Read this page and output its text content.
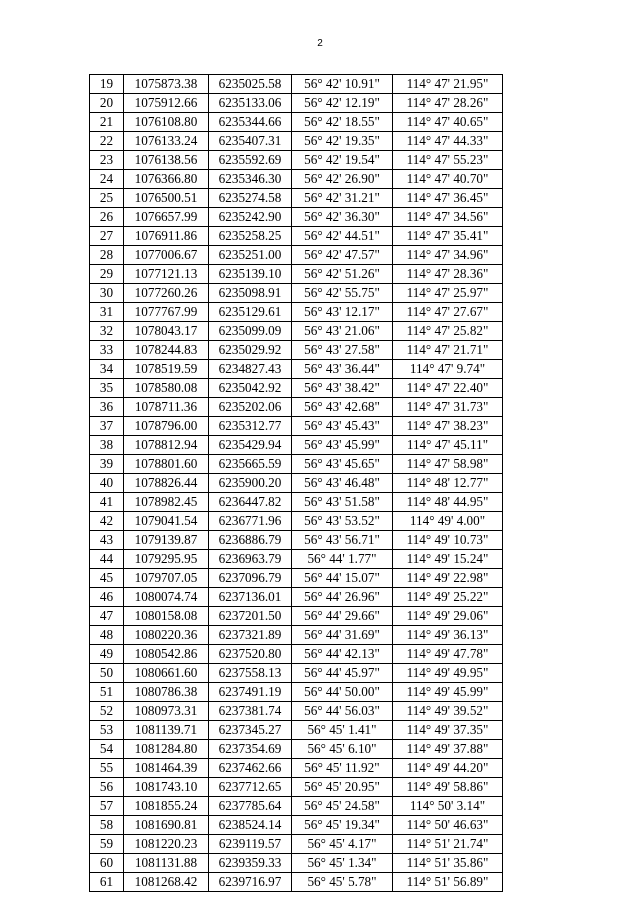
2
19	1075873.38	6235025.58	56° 42' 10.91"	114° 47' 21.95"
20	1075912.66	6235133.06	56° 42' 12.19"	114° 47' 28.26"
21	1076108.80	6235344.66	56° 42' 18.55"	114° 47' 40.65"
22	1076133.24	6235407.31	56° 42' 19.35"	114° 47' 44.33"
23	1076138.56	6235592.69	56° 42' 19.54"	114° 47' 55.23"
24	1076366.80	6235346.30	56° 42' 26.90"	114° 47' 40.70"
25	1076500.51	6235274.58	56° 42' 31.21"	114° 47' 36.45"
26	1076657.99	6235242.90	56° 42' 36.30"	114° 47' 34.56"
27	1076911.86	6235258.25	56° 42' 44.51"	114° 47' 35.41"
28	1077006.67	6235251.00	56° 42' 47.57"	114° 47' 34.96"
29	1077121.13	6235139.10	56° 42' 51.26"	114° 47' 28.36"
30	1077260.26	6235098.91	56° 42' 55.75"	114° 47' 25.97"
31	1077767.99	6235129.61	56° 43' 12.17"	114° 47' 27.67"
32	1078043.17	6235099.09	56° 43' 21.06"	114° 47' 25.82"
33	1078244.83	6235029.92	56° 43' 27.58"	114° 47' 21.71"
34	1078519.59	6234827.43	56° 43' 36.44"	114° 47' 9.74"
35	1078580.08	6235042.92	56° 43' 38.42"	114° 47' 22.40"
36	1078711.36	6235202.06	56° 43' 42.68"	114° 47' 31.73"
37	1078796.00	6235312.77	56° 43' 45.43"	114° 47' 38.23"
38	1078812.94	6235429.94	56° 43' 45.99"	114° 47' 45.11"
39	1078801.60	6235665.59	56° 43' 45.65"	114° 47' 58.98"
40	1078826.44	6235900.20	56° 43' 46.48"	114° 48' 12.77"
41	1078982.45	6236447.82	56° 43' 51.58"	114° 48' 44.95"
42	1079041.54	6236771.96	56° 43' 53.52"	114° 49' 4.00"
43	1079139.87	6236886.79	56° 43' 56.71"	114° 49' 10.73"
44	1079295.95	6236963.79	56° 44' 1.77"	114° 49' 15.24"
45	1079707.05	6237096.79	56° 44' 15.07"	114° 49' 22.98"
46	1080074.74	6237136.01	56° 44' 26.96"	114° 49' 25.22"
47	1080158.08	6237201.50	56° 44' 29.66"	114° 49' 29.06"
48	1080220.36	6237321.89	56° 44' 31.69"	114° 49' 36.13"
49	1080542.86	6237520.80	56° 44' 42.13"	114° 49' 47.78"
50	1080661.60	6237558.13	56° 44' 45.97"	114° 49' 49.95"
51	1080786.38	6237491.19	56° 44' 50.00"	114° 49' 45.99"
52	1080973.31	6237381.74	56° 44' 56.03"	114° 49' 39.52"
53	1081139.71	6237345.27	56° 45' 1.41"	114° 49' 37.35"
54	1081284.80	6237354.69	56° 45' 6.10"	114° 49' 37.88"
55	1081464.39	6237462.66	56° 45' 11.92"	114° 49' 44.20"
56	1081743.10	6237712.65	56° 45' 20.95"	114° 49' 58.86"
57	1081855.24	6237785.64	56° 45' 24.58"	114° 50' 3.14"
58	1081690.81	6238524.14	56° 45' 19.34"	114° 50' 46.63"
59	1081220.23	6239119.57	56° 45' 4.17"	114° 51' 21.74"
60	1081131.88	6239359.33	56° 45' 1.34"	114° 51' 35.86"
61	1081268.42	6239716.97	56° 45' 5.78"	114° 51' 56.89"
